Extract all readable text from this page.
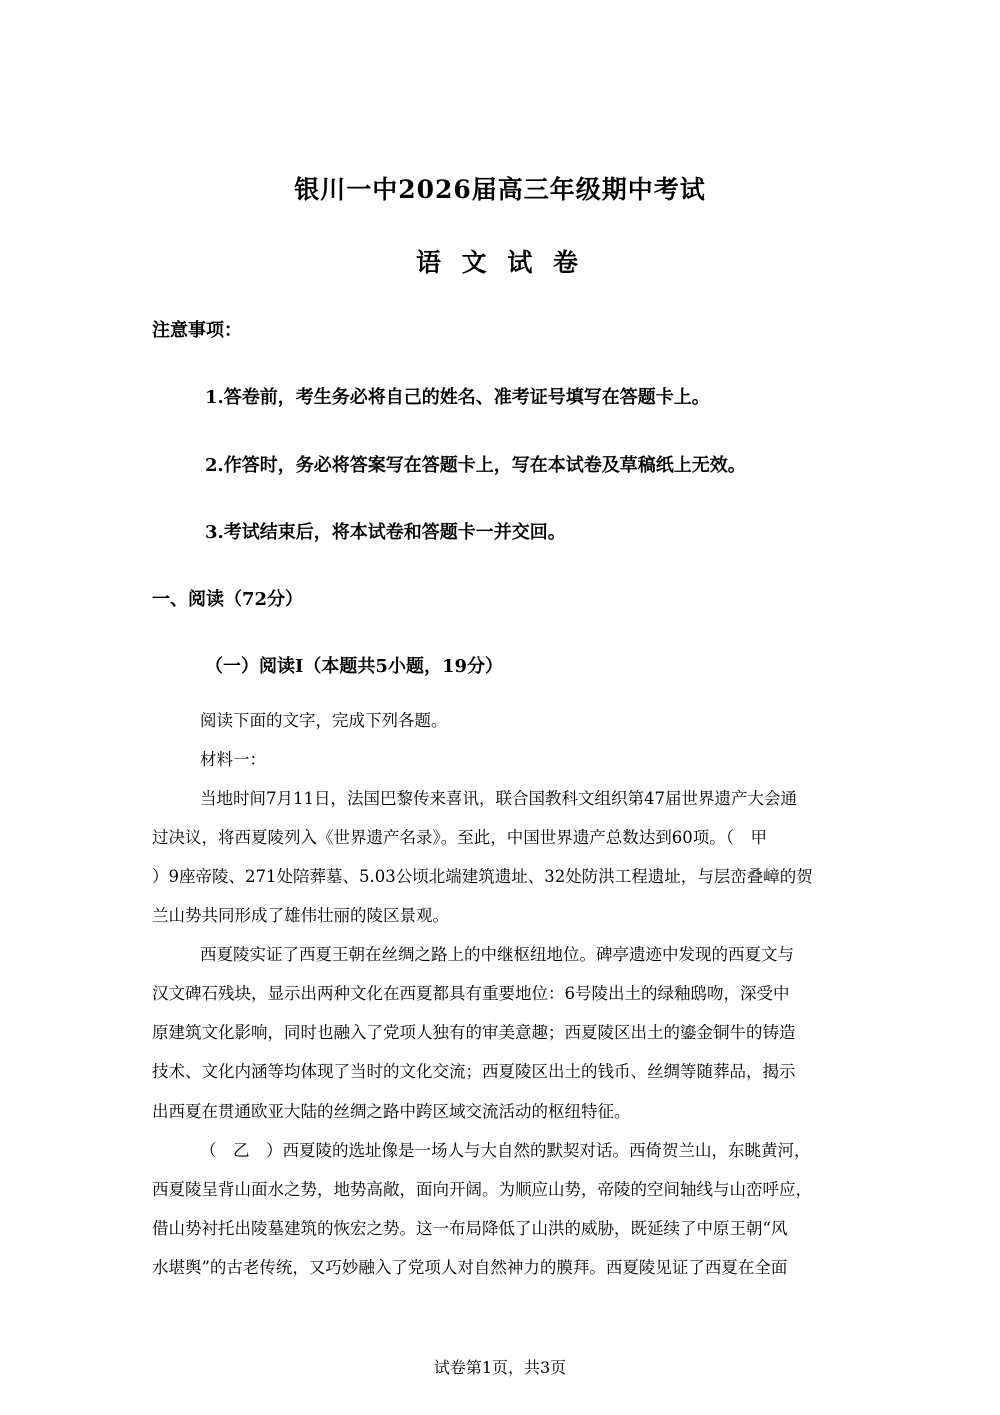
银川一中2026届高三年级期中考试
语 文 试 卷

注意事项：

1.答卷前，考生务必将自己的姓名、准考证号填写在答题卡上。

2.作答时，务必将答案写在答题卡上，写在本试卷及草稿纸上无效。

3.考试结束后，将本试卷和答题卡一并交回。

一、阅读（72分）

（一）阅读I（本题共5小题，19分）

阅读下面的文字，完成下列各题。

材料一：

当地时间7月11日，法国巴黎传来喜讯，联合国教科文组织第47届世界遗产大会通

过决议，将西夏陵列入《世界遗产名录》。至此，中国世界遗产总数达到60项。（　甲

）9座帝陵、271处陪葬墓、5.03公顷北端建筑遗址、32处防洪工程遗址，与层峦叠嶂的贺

兰山势共同形成了雄伟壮丽的陵区景观。

西夏陵实证了西夏王朝在丝绸之路上的中继枢纽地位。碑亭遗迹中发现的西夏文与

汉文碑石残块，显示出两种文化在西夏都具有重要地位：6号陵出土的绿釉鸱吻，深受中

原建筑文化影响，同时也融入了党项人独有的审美意趣；西夏陵区出土的鎏金铜牛的铸造

技术、文化内涵等均体现了当时的文化交流；西夏陵区出土的钱币、丝绸等随葬品，揭示

出西夏在贯通欧亚大陆的丝绸之路中跨区域交流活动的枢纽特征。

（　乙　）西夏陵的选址像是一场人与大自然的默契对话。西倚贺兰山，东眺黄河，

西夏陵呈背山面水之势，地势高敞，面向开阔。为顺应山势，帝陵的空间轴线与山峦呼应，

借山势衬托出陵墓建筑的恢宏之势。这一布局降低了山洪的威胁，既延续了中原王朝“风

水堪舆”的古老传统，又巧妙融入了党项人对自然神力的膜拜。西夏陵见证了西夏在全面

试卷第1页，共3页
